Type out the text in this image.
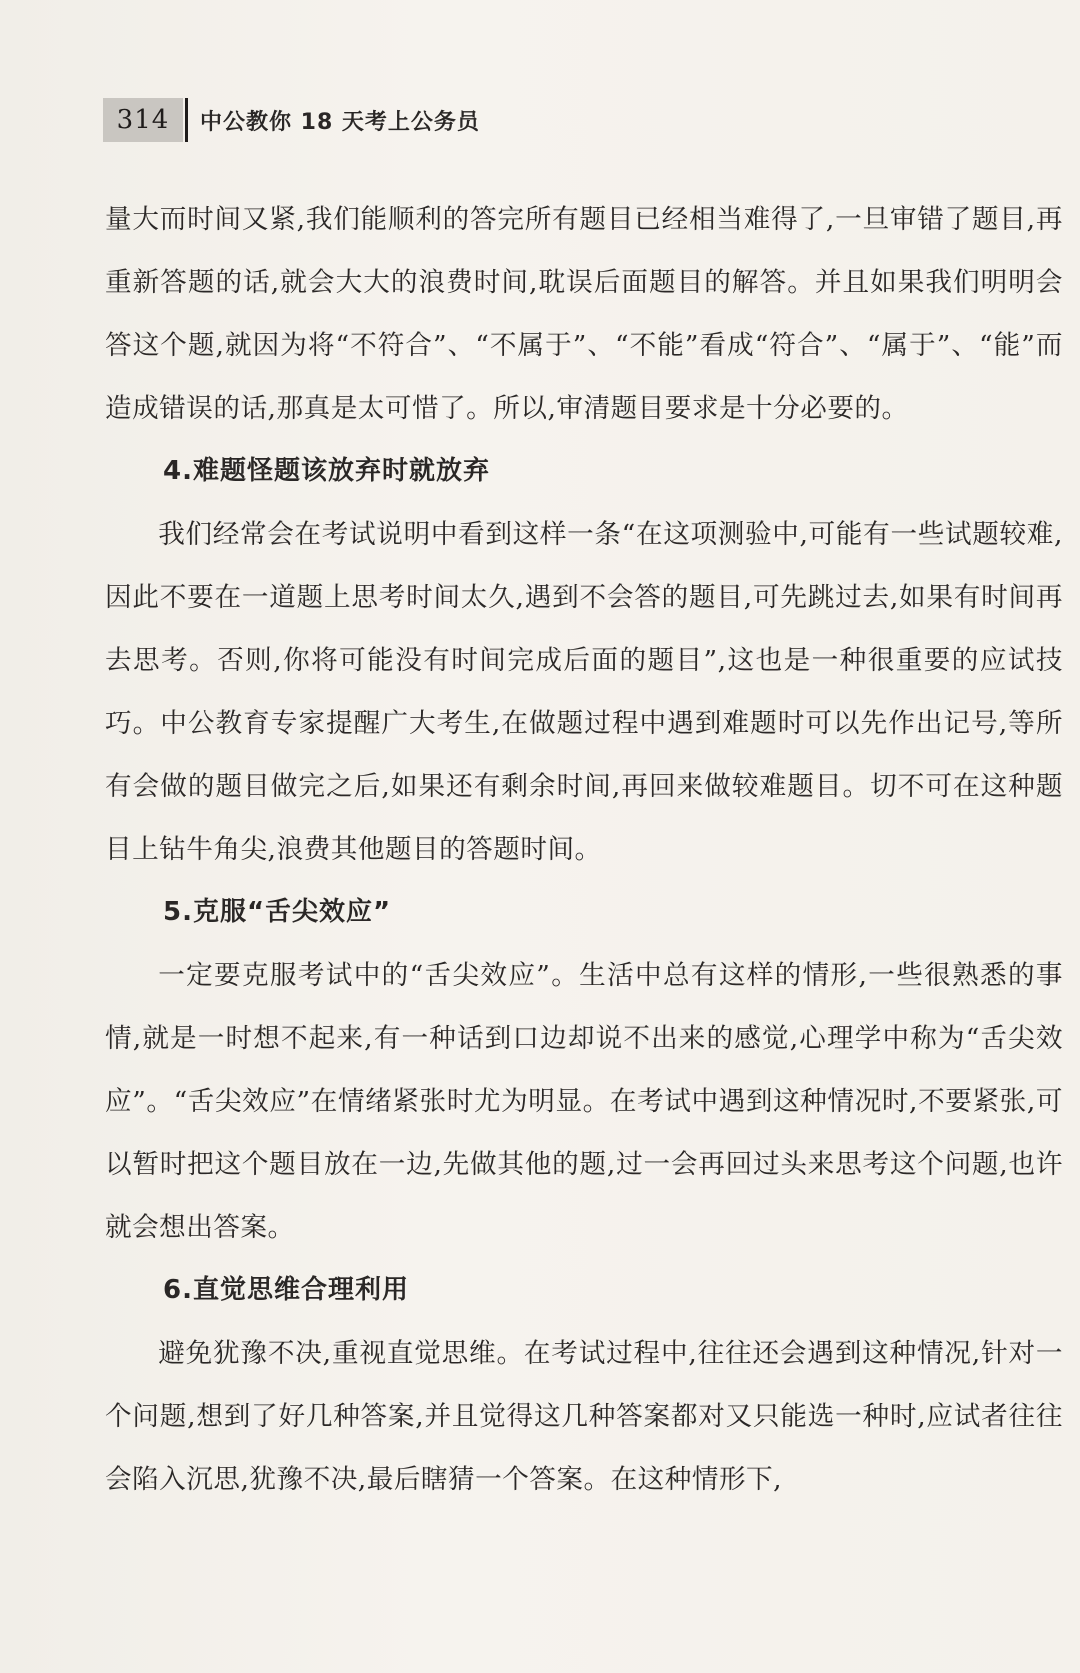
314	中公教你 18 天考上公务员

量大而时间又紧,我们能顺利的答完所有题目已经相当难得了,一旦审错了题目,再重新答题的话,就会大大的浪费时间,耽误后面题目的解答。并且如果我们明明会答这个题,就因为将“不符合”、“不属于”、“不能”看成“符合”、“属于”、“能”而造成错误的话,那真是太可惜了。所以,审清题目要求是十分必要的。

4.难题怪题该放弃时就放弃

我们经常会在考试说明中看到这样一条“在这项测验中,可能有一些试题较难,因此不要在一道题上思考时间太久,遇到不会答的题目,可先跳过去,如果有时间再去思考。否则,你将可能没有时间完成后面的题目”,这也是一种很重要的应试技巧。中公教育专家提醒广大考生,在做题过程中遇到难题时可以先作出记号,等所有会做的题目做完之后,如果还有剩余时间,再回来做较难题目。切不可在这种题目上钻牛角尖,浪费其他题目的答题时间。

5.克服“舌尖效应”

一定要克服考试中的“舌尖效应”。生活中总有这样的情形,一些很熟悉的事情,就是一时想不起来,有一种话到口边却说不出来的感觉,心理学中称为“舌尖效应”。“舌尖效应”在情绪紧张时尤为明显。在考试中遇到这种情况时,不要紧张,可以暂时把这个题目放在一边,先做其他的题,过一会再回过头来思考这个问题,也许就会想出答案。

6.直觉思维合理利用

避免犹豫不决,重视直觉思维。在考试过程中,往往还会遇到这种情况,针对一个问题,想到了好几种答案,并且觉得这几种答案都对又只能选一种时,应试者往往会陷入沉思,犹豫不决,最后瞎猜一个答案。在这种情形下,
